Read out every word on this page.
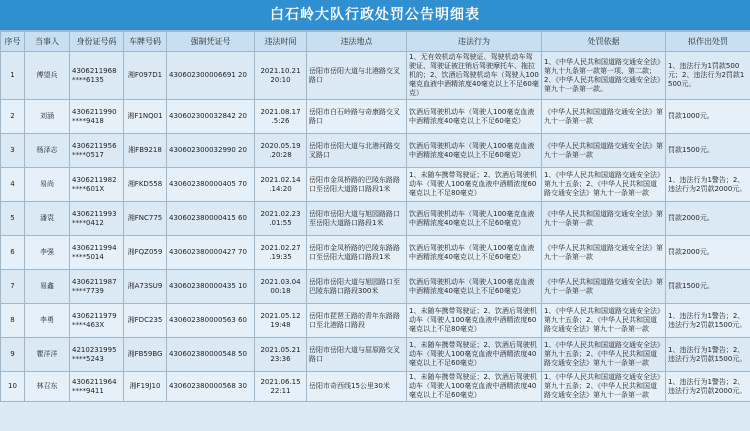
白石岭大队行政处罚公告明细表
序号	当事人	身份证号码	车牌号码	强制凭证号	违法时间	违法地点	违法行为	处罚依据	拟作出处罚
1	傅望兵	4306211968
****6135	湘F097D1	430602300006691 20	2021.10.21
20:10	岳阳市岳阳大道与北港路交叉路口	1、无有效机动车驾驶证、驾驶机动车驾驶证、驾驶证被注销后驾驶摩托车、拖拉机的；2、饮酒后驾驶机动车（驾驶人100毫克血液中酒精浓度40毫克以上不足60毫克）	1、《中华人民共和国道路交通安全法》第九十九条第一款第一项、第二款；2、《中华人民共和国道路交通安全法》第九十一条第一款。	1、违法行为1罚款500元；2、违法行为2罚款1500元。
2	刘涵	4306211990
****9418	湘F1NQ01	430602300032842 20	2021.08.17
.5:26	岳阳市白石岭路与奇康路交叉路口	饮酒后驾驶机动车（驾驶人100毫克血液中酒精浓度40毫克以上不足60毫克）	《中华人民共和国道路交通安全法》第九十一条第一款	罚款1000元。
3	杨泽志	4306211956
****0517	湘FB9218	430602300032990 20	2020.05.19
.20:28	岳阳市岳阳大道与北港河路交叉路口	饮酒后驾驶机动车（驾驶人100毫克血液中酒精浓度40毫克以上不足60毫克）	《中华人民共和国道路交通安全法》第九十一条第一款	罚款1500元。
4	易尚	4306211982
****601X	湘FKD558	430602380000405 70	2021.02.14
.14:20	岳阳市金凤桥路的巴陵东路路口至岳阳大道路口路段1米	1、未随车携带驾驶证；2、饮酒后驾驶机动车（驾驶人100毫克血液中酒精浓度60毫克以上不足80毫克）	1、《中华人民共和国道路交通安全法》第九十五条；2、《中华人民共和国道路交通安全法》第九十一条第一款	1、违法行为1警告；2、违法行为2罚款2000元。
5	潘袁	4306211993
****0412	湘FNC775	430602380000415 60	2021.02.23
.01:55	岳阳市岳阳大道与旭园路路口至岳阳大道路口路段1米	饮酒后驾驶机动车（驾驶人100毫克血液中酒精浓度40毫克以上不足60毫克）	《中华人民共和国道路交通安全法》第九十一条第一款	罚款2000元。
6	李强	4306211994
****5014	湘FQZ059	430602380000427 70	2021.02.27
.19:35	岳阳市金凤桥路的巴陵东路路口至岳阳大道路口路段1米	饮酒后驾驶机动车（驾驶人100毫克血液中酒精浓度40毫克以上不足60毫克）	《中华人民共和国道路交通安全法》第九十一条第一款	罚款2000元。
7	易鑫	4306211987
****7739	湘A73SU9	430602380000435 10	2021.03.04
00:18	岳阳市岳阳大道与旭园路口至巴陵东路口路段300米	饮酒后驾驶机动车（驾驶人100毫克血液中酒精浓度40毫克以上不足60毫克）	《中华人民共和国道路交通安全法》第九十一条第一款	罚款1500元。
8	李勇	4306211979
****463X	湘FDC235	430602380000563 60	2021.05.12
19:48	岳阳市琵琶王路的青年东路路口至北港路口路段	1、未随车携带驾驶证；2、饮酒后驾驶机动车（驾驶人100毫克血液中酒精浓度60毫克以上不足80毫克）	1、《中华人民共和国道路交通安全法》第九十五条；2、《中华人民共和国道路交通安全法》第九十一条第一款	1、违法行为1警告；2、违法行为2罚款1500元。
9	瞿洋洋	4210231995
****5243	湘FB59BG	430602380000548 50	2021.05.21
23:36	岳阳市岳阳大道与屈原路交叉路口	1、未随车携带驾驶证；2、饮酒后驾驶机动车（驾驶人100毫克血液中酒精浓度40毫克以上不足60毫克）	1、《中华人民共和国道路交通安全法》第九十五条；2、《中华人民共和国道路交通安全法》第九十一条第一款	1、违法行为1警告；2、违法行为2罚款1500元。
10	林召东	4306211964
****9411	湘F19J10	430602380000568 30	2021.06.15
22:11	岳阳市奇西线15公里30米	1、未随车携带驾驶证；2、饮酒后驾驶机动车（驾驶人100毫克血液中酒精浓度40毫克以上不足60毫克）	1、《中华人民共和国道路交通安全法》第九十五条；2、《中华人民共和国道路交通安全法》第九十一条第一款	1、违法行为1警告；2、违法行为2罚款2000元。
